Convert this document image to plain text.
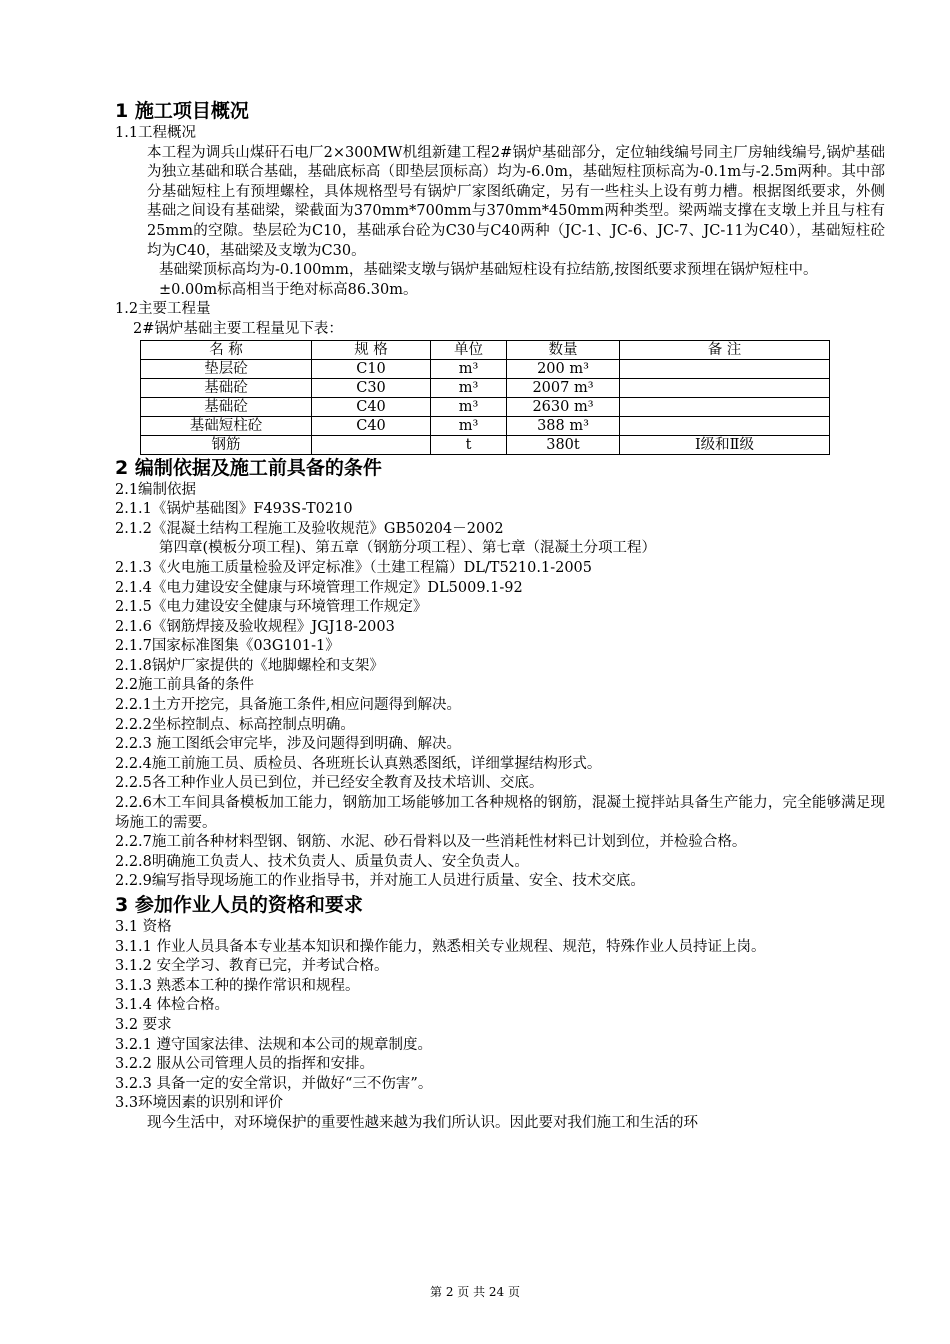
1 施工项目概况
1.1工程概况
本工程为调兵山煤矸石电厂2×300MW机组新建工程2#锅炉基础部分，定位轴线编号同主厂房轴线编号,锅炉基础为独立基础和联合基础，基础底标高（即垫层顶标高）均为-6.0m，基础短柱顶标高为-0.1m与-2.5m两种。其中部分基础短柱上有预埋螺栓，具体规格型号有锅炉厂家图纸确定，另有一些柱头上设有剪力槽。根据图纸要求，外侧基础之间设有基础梁，梁截面为370mm*700mm与370mm*450mm两种类型。梁两端支撑在支墩上并且与柱有25mm的空隙。垫层砼为C10，基础承台砼为C30与C40两种（JC-1、JC-6、JC-7、JC-11为C40），基础短柱砼均为C40，基础梁及支墩为C30。
基础梁顶标高均为-0.100mm，基础梁支墩与锅炉基础短柱设有拉结筋,按图纸要求预埋在锅炉短柱中。
±0.00m标高相当于绝对标高86.30m。
1.2主要工程量
2#锅炉基础主要工程量见下表：
名 称	规 格	单位	数量	备 注
垫层砼	C10	m³	200 m³	
基础砼	C30	m³	2007 m³	
基础砼	C40	m³	2630 m³	
基础短柱砼	C40	m³	388 m³	
钢筋		t	380t	Ⅰ级和Ⅱ级
2 编制依据及施工前具备的条件
2.1编制依据
2.1.1《锅炉基础图》F493S-T0210
2.1.2《混凝土结构工程施工及验收规范》GB50204－2002
第四章(模板分项工程)、第五章（钢筋分项工程）、第七章（混凝土分项工程）
2.1.3《火电施工质量检验及评定标准》（土建工程篇）DL/T5210.1-2005
2.1.4《电力建设安全健康与环境管理工作规定》DL5009.1-92
2.1.5《电力建设安全健康与环境管理工作规定》
2.1.6《钢筋焊接及验收规程》JGJ18-2003
2.1.7国家标准图集《03G101-1》
2.1.8锅炉厂家提供的《地脚螺栓和支架》
2.2施工前具备的条件
2.2.1土方开挖完，具备施工条件,相应问题得到解决。
2.2.2坐标控制点、标高控制点明确。
2.2.3 施工图纸会审完毕，涉及问题得到明确、解决。
2.2.4施工前施工员、质检员、各班班长认真熟悉图纸，详细掌握结构形式。
2.2.5各工种作业人员已到位，并已经安全教育及技术培训、交底。
2.2.6木工车间具备模板加工能力，钢筋加工场能够加工各种规格的钢筋，混凝土搅拌站具备生产能力，完全能够满足现场施工的需要。
2.2.7施工前各种材料型钢、钢筋、水泥、砂石骨料以及一些消耗性材料已计划到位，并检验合格。
2.2.8明确施工负责人、技术负责人、质量负责人、安全负责人。
2.2.9编写指导现场施工的作业指导书，并对施工人员进行质量、安全、技术交底。
3 参加作业人员的资格和要求
3.1 资格
3.1.1 作业人员具备本专业基本知识和操作能力，熟悉相关专业规程、规范，特殊作业人员持证上岗。
3.1.2 安全学习、教育已完，并考试合格。
3.1.3 熟悉本工种的操作常识和规程。
3.1.4 体检合格。
3.2 要求
3.2.1 遵守国家法律、法规和本公司的规章制度。
3.2.2 服从公司管理人员的指挥和安排。
3.2.3 具备一定的安全常识，并做好“三不伤害”。
3.3环境因素的识别和评价
现今生活中，对环境保护的重要性越来越为我们所认识。因此要对我们施工和生活的环
第 2 页 共 24 页
